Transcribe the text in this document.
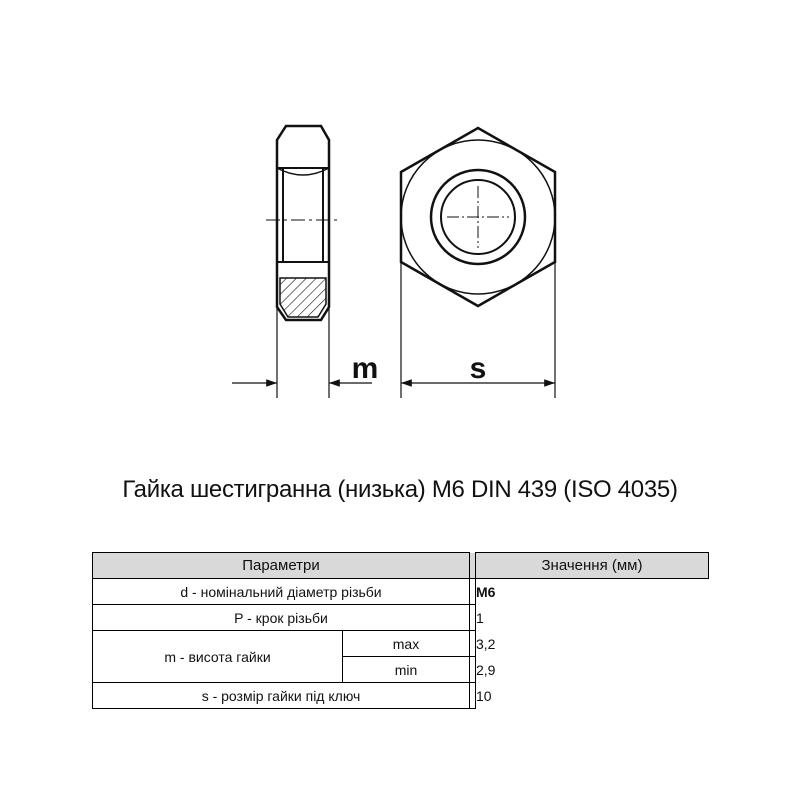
m	s
Гайка шестигранна (низька) M6 DIN 439 (ISO 4035)
Параметри			Значення (мм)
d - номінальний діаметр різьби		M6	
P - крок різьби		1	
m - висота гайки	max	3,2	
	min	2,9	
s - розмір гайки під ключ		10	
